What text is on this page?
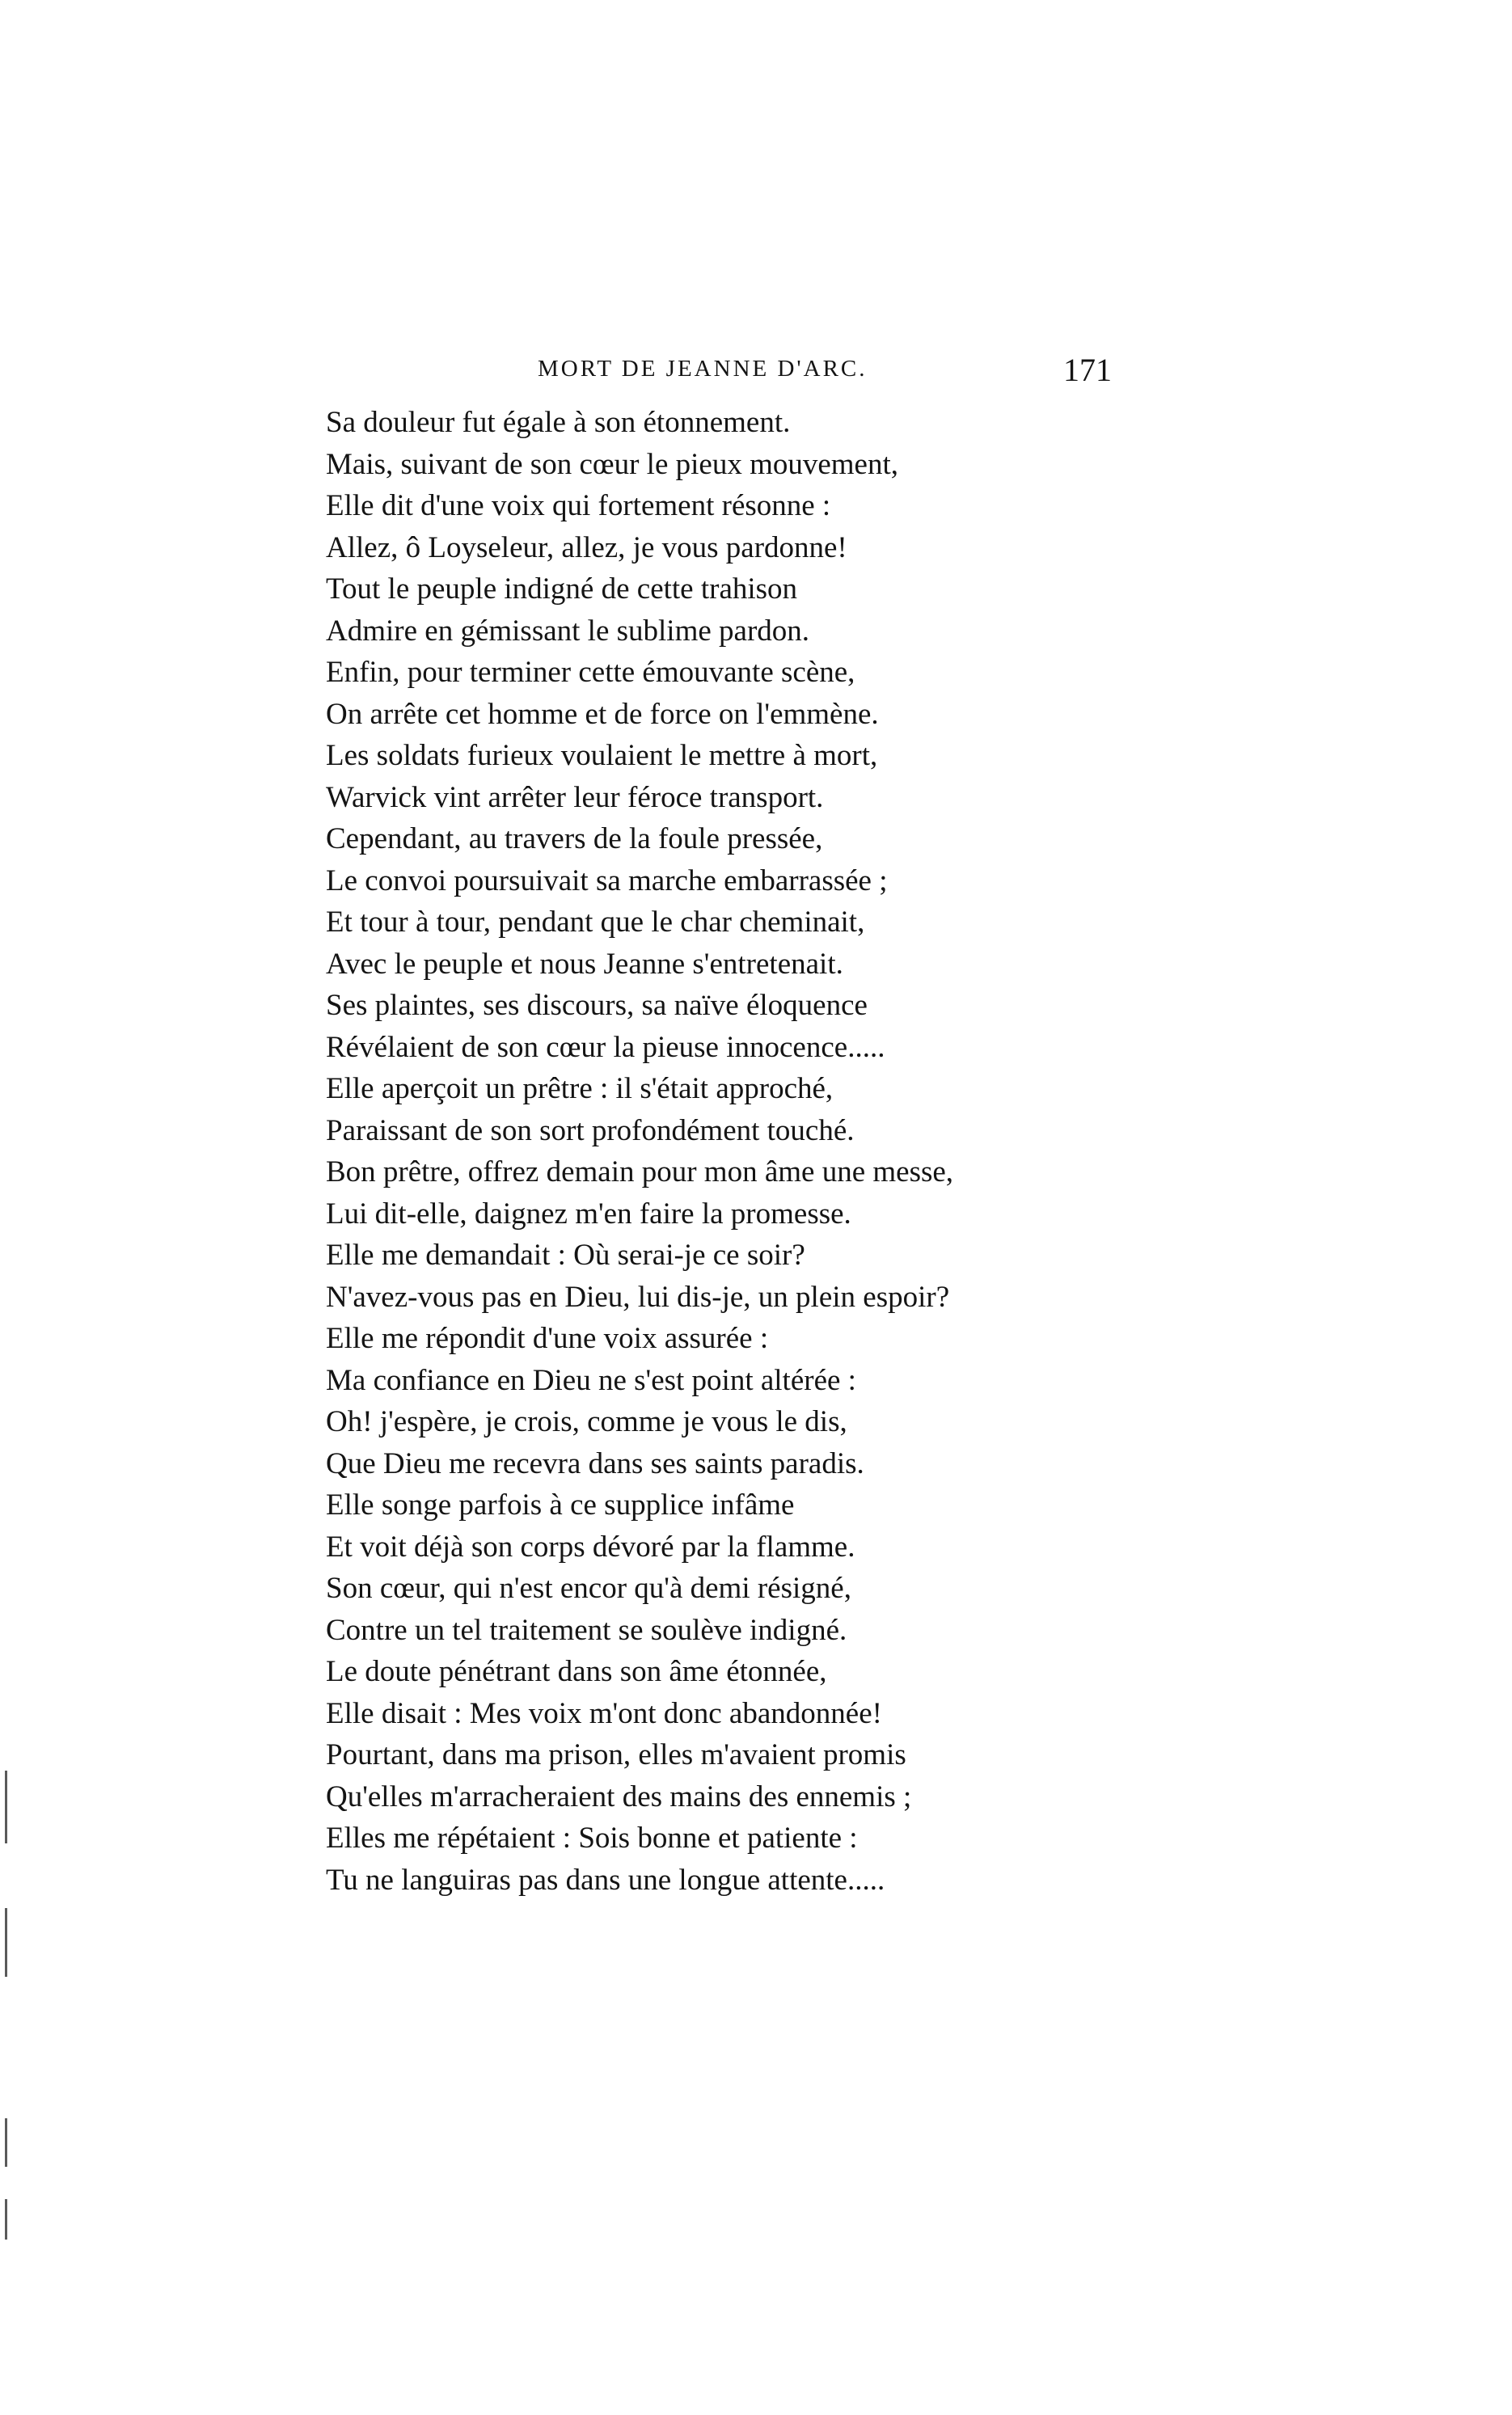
MORT DE JEANNE D'ARC.	171
Sa douleur fut égale à son étonnement.
Mais, suivant de son cœur le pieux mouvement,
Elle dit d'une voix qui fortement résonne :
Allez, ô Loyseleur, allez, je vous pardonne!
Tout le peuple indigné de cette trahison
Admire en gémissant le sublime pardon.
Enfin, pour terminer cette émouvante scène,
On arrête cet homme et de force on l'emmène.
Les soldats furieux voulaient le mettre à mort,
Warvick vint arrêter leur féroce transport.
Cependant, au travers de la foule pressée,
Le convoi poursuivait sa marche embarrassée ;
Et tour à tour, pendant que le char cheminait,
Avec le peuple et nous Jeanne s'entretenait.
Ses plaintes, ses discours, sa naïve éloquence
Révélaient de son cœur la pieuse innocence.....
Elle aperçoit un prêtre : il s'était approché,
Paraissant de son sort profondément touché.
Bon prêtre, offrez demain pour mon âme une messe,
Lui dit-elle, daignez m'en faire la promesse.
Elle me demandait : Où serai-je ce soir?
N'avez-vous pas en Dieu, lui dis-je, un plein espoir?
Elle me répondit d'une voix assurée :
Ma confiance en Dieu ne s'est point altérée :
Oh! j'espère, je crois, comme je vous le dis,
Que Dieu me recevra dans ses saints paradis.
Elle songe parfois à ce supplice infâme
Et voit déjà son corps dévoré par la flamme.
Son cœur, qui n'est encor qu'à demi résigné,
Contre un tel traitement se soulève indigné.
Le doute pénétrant dans son âme étonnée,
Elle disait : Mes voix m'ont donc abandonnée!
Pourtant, dans ma prison, elles m'avaient promis
Qu'elles m'arracheraient des mains des ennemis ;
Elles me répétaient : Sois bonne et patiente :
Tu ne languiras pas dans une longue attente.....
